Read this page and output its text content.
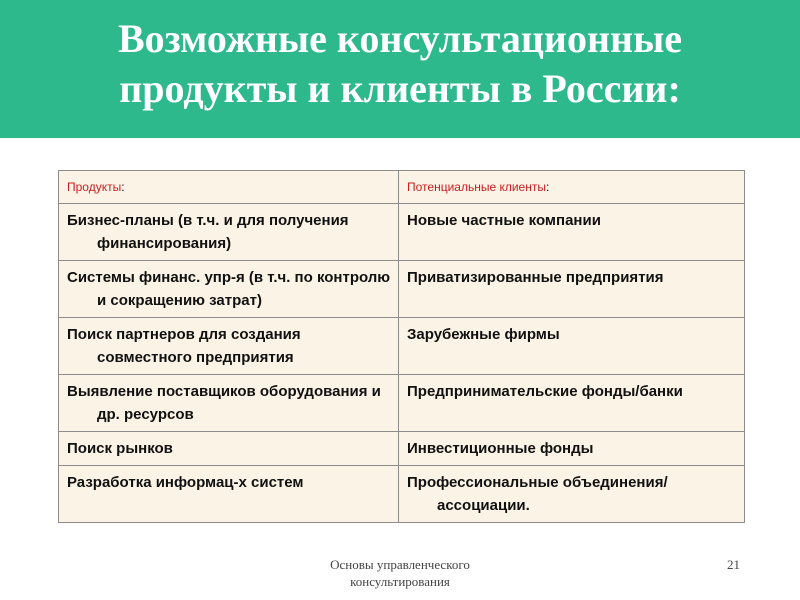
Возможные консультационные
продукты и клиенты в России:
Продукты:	Потенциальные клиенты:

Бизнес-планы (в т.ч. и для получения финансирования)	Новые частные компании

Системы финанс. упр-я (в т.ч. по контролю и сокращению затрат)	Приватизированные предприятия

Поиск партнеров для создания совместного предприятия	Зарубежные фирмы

Выявление поставщиков оборудования и др. ресурсов	Предпринимательские фонды/банки

Поиск рынков	Инвестиционные фонды

Разработка информац-х систем	Профессиональные объединения/ассоциации.
Основы управленческого
консультирования
21
